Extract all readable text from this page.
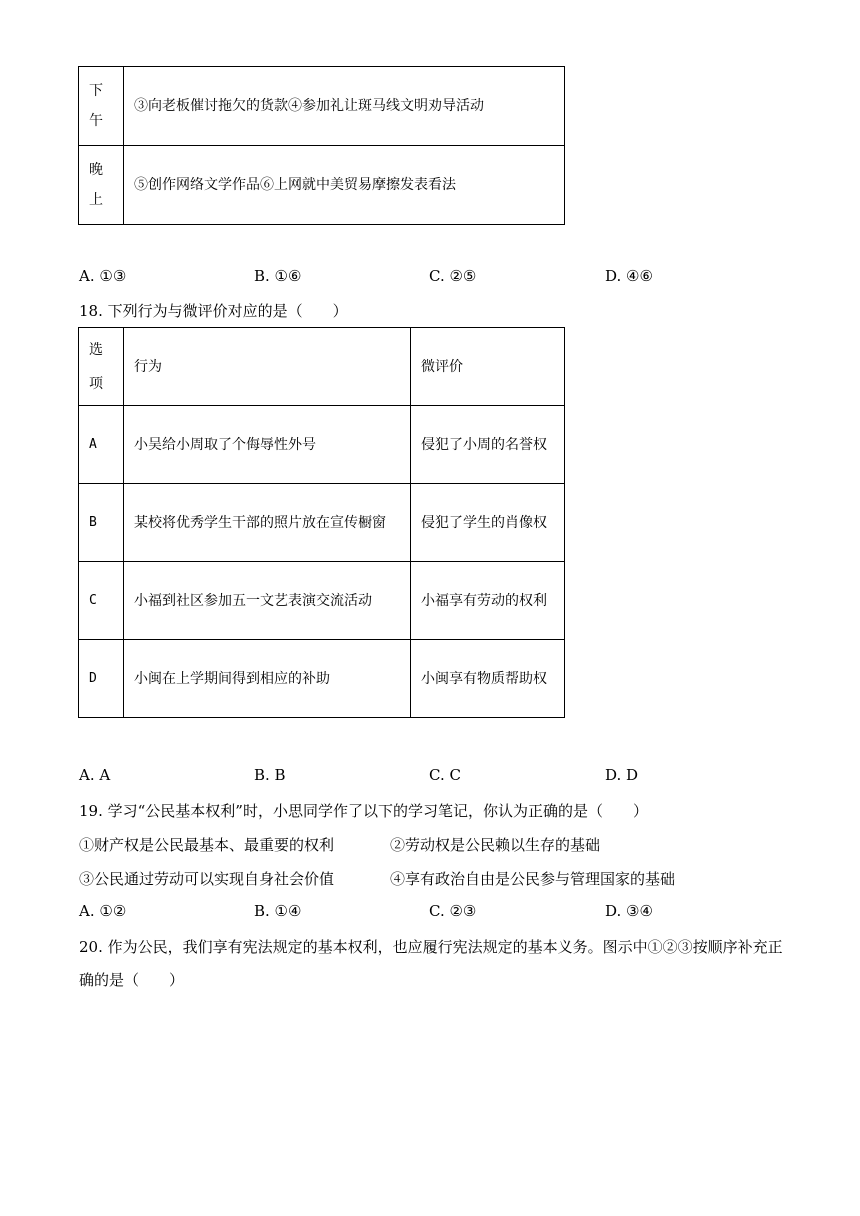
下午	③向老板催讨拖欠的货款④参加礼让斑马线文明劝导活动
晚上	⑤创作网络文学作品⑥上网就中美贸易摩擦发表看法
A. ①③	B. ①⑥	C. ②⑤	D. ④⑥
18. 下列行为与微评价对应的是（　　）
选项	行为	微评价
A	小吴给小周取了个侮辱性外号	侵犯了小周的名誉权
B	某校将优秀学生干部的照片放在宣传橱窗	侵犯了学生的肖像权
C	小福到社区参加五一文艺表演交流活动	小福享有劳动的权利
D	小闽在上学期间得到相应的补助	小闽享有物质帮助权
A. A	B. B	C. C	D. D
19. 学习“公民基本权利”时，小思同学作了以下的学习笔记，你认为正确的是（　　）
①财产权是公民最基本、最重要的权利	②劳动权是公民赖以生存的基础
③公民通过劳动可以实现自身社会价值	④享有政治自由是公民参与管理国家的基础
A. ①②	B. ①④	C. ②③	D. ③④
20. 作为公民，我们享有宪法规定的基本权利，也应履行宪法规定的基本义务。图示中①②③按顺序补充正
确的是（　　）
